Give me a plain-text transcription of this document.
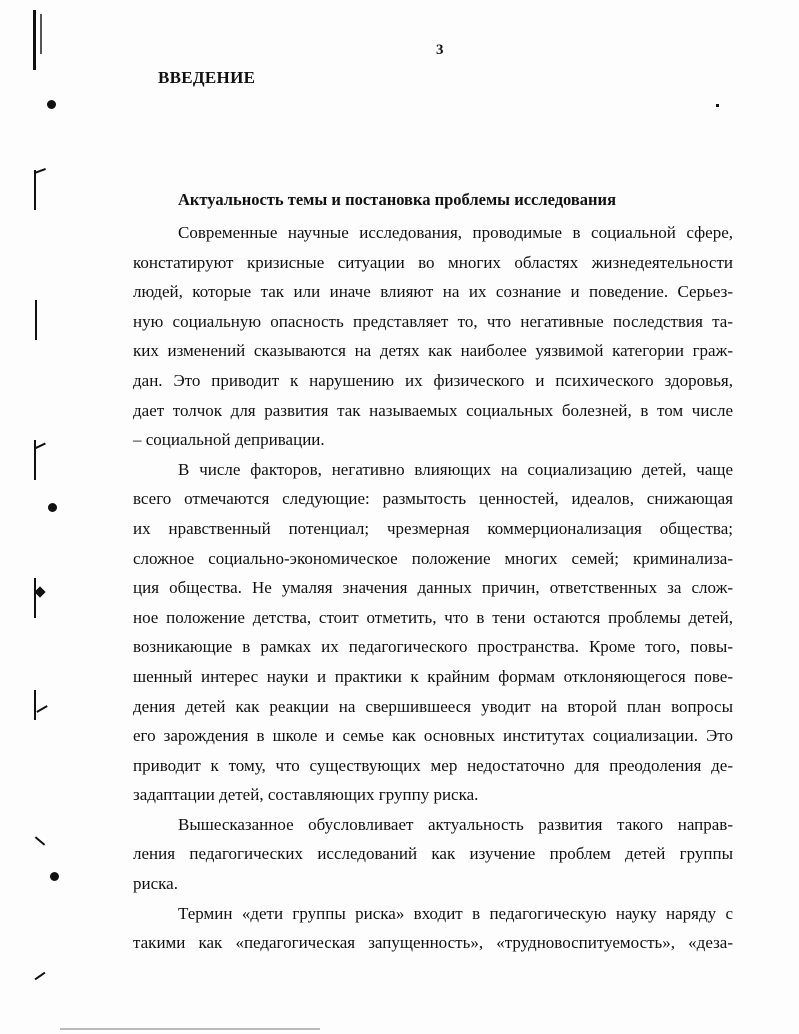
3
ВВЕДЕНИЕ
Актуальность темы и постановка проблемы исследования
Современные научные исследования, проводимые в социальной сфере,
констатируют кризисные ситуации во многих областях жизнедеятельности
людей, которые так или иначе влияют на их сознание и поведение. Серьез-
ную социальную опасность представляет то, что негативные последствия та-
ких изменений сказываются на детях как наиболее уязвимой категории граж-
дан. Это приводит к нарушению их физического и психического здоровья,
дает толчок для развития так называемых социальных болезней, в том числе
– социальной депривации.
В числе факторов, негативно влияющих на социализацию детей, чаще
всего отмечаются следующие: размытость ценностей, идеалов, снижающая
их нравственный потенциал; чрезмерная коммерционализация общества;
сложное социально-экономическое положение многих семей; криминализа-
ция общества. Не умаляя значения данных причин, ответственных за слож-
ное положение детства, стоит отметить, что в тени остаются проблемы детей,
возникающие в рамках их педагогического пространства. Кроме того, повы-
шенный интерес науки и практики к крайним формам отклоняющегося пове-
дения детей как реакции на свершившееся уводит на второй план вопросы
его зарождения в школе и семье как основных институтах социализации. Это
приводит к тому, что существующих мер недостаточно для преодоления де-
задаптации детей, составляющих группу риска.
Вышесказанное обусловливает актуальность развития такого направ-
ления педагогических исследований как изучение проблем детей группы
риска.
Термин «дети группы риска» входит в педагогическую науку наряду с
такими как «педагогическая запущенность», «трудновоспитуемость», «деза-
